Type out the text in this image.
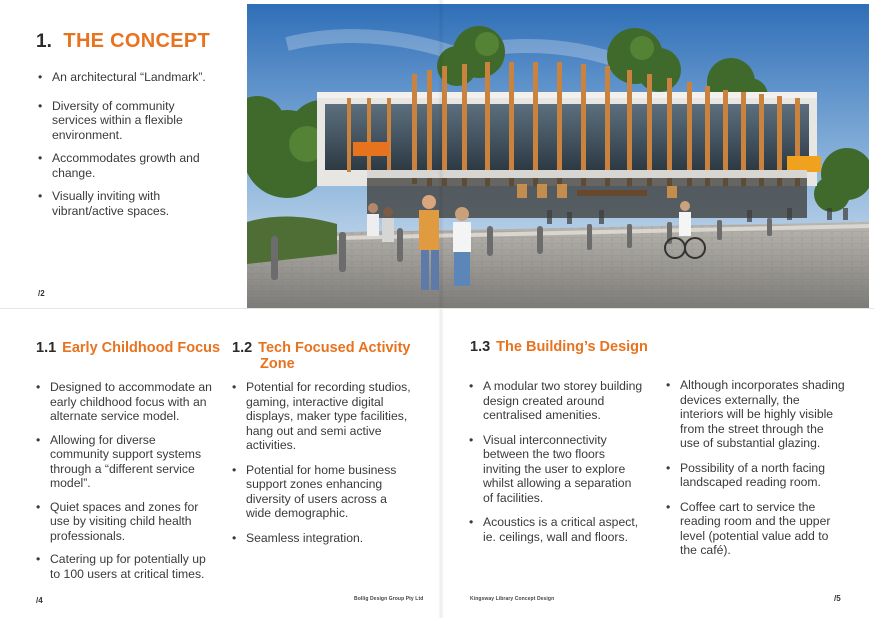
1. THE CONCEPT
• An architectural “Landmark”.
• Diversity of community services within a flexible environment.
• Accommodates growth and change.
• Visually inviting with vibrant/active spaces.
/2
1.1 Early Childhood Focus
• Designed to accommodate an early childhood focus with an alternate service model.
• Allowing for diverse community support systems through a “different service model”.
• Quiet spaces and zones for use by visiting child health professionals.
• Catering up for potentially up to 100 users at critical times.
1.2 Tech Focused Activity
Zone
• Potential for recording studios, gaming, interactive digital displays, maker type facilities, hang out and semi active activities.
• Potential for home business support zones enhancing diversity of users across a wide demographic.
• Seamless integration.
1.3 The Building’s Design
• A modular two storey building design created around centralised amenities.
• Visual interconnectivity between the two floors inviting the user to explore whilst allowing a separation of facilities.
• Acoustics is a critical aspect, ie. ceilings, wall and floors.
• Although incorporates shading devices externally, the interiors will be highly visible from the street through the use of substantial glazing.
• Possibility of a north facing landscaped reading room.
• Coffee cart to service the reading room and the upper level (potential value add to the café).
/4	Bollig Design Group Pty Ltd	Kingsway Library Concept Design	/5
